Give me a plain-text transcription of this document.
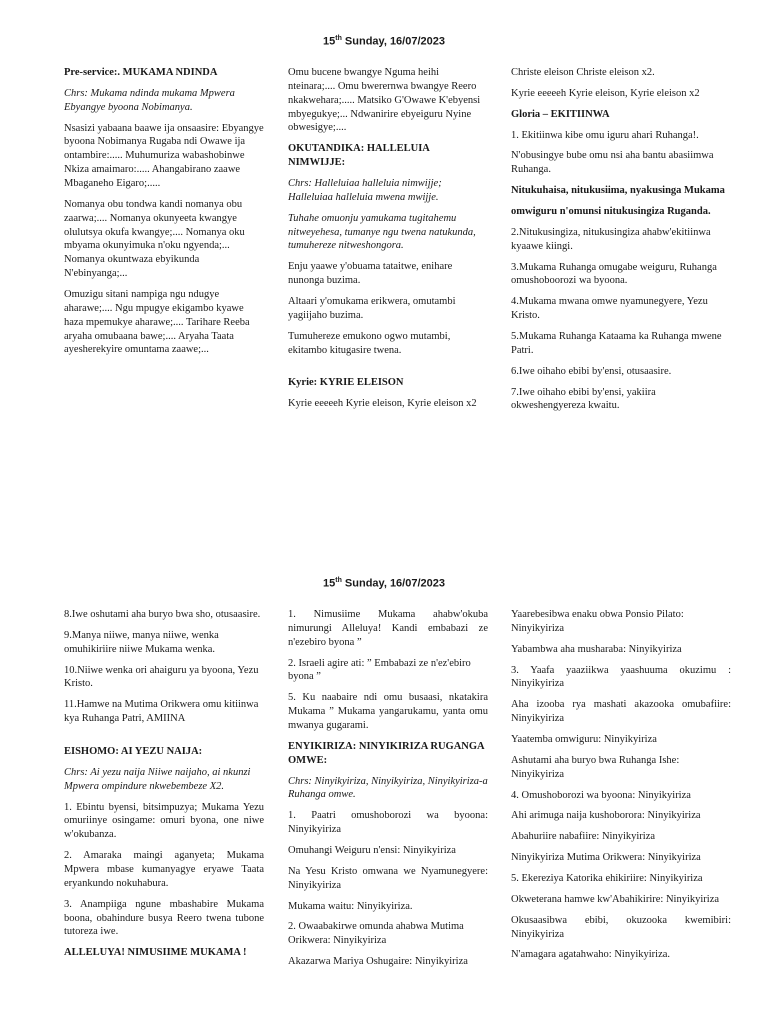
15th Sunday, 16/07/2023

Pre-service:. MUKAMA NDINDA

Chrs: Mukama ndinda mukama Mpwera Ebyangye byoona Nobimanya.

Nsasizi yabaana baawe ija onsaasire: Ebyangye byoona Nobimanya Rugaba ndi Owawe ija ontambire:..... Muhumuriza wabashobinwe Nkiza amaimaro:..... Ahangabirano zaawe Mbaganeho Eigaro;.....

Nomanya obu tondwa kandi nomanya obu zaarwa;.... Nomanya okunyeeta kwangye olulutsya okufa kwangye;.... Nomanya oku mbyama okunyimuka n'oku ngyenda;... Nomanya okuntwaza ebyikunda N'ebinyanga;...

Omuzigu sitani nampiga ngu ndugye aharawe;.... Ngu mpugye ekigambo kyawe haza mpemukye aharawe;.... Tarihare Reeba aryaha omubaana bawe;.... Aryaha Taata ayesherekyire omuntama zaawe;...

Omu bucene bwangye Nguma heihi nteinara;.... Omu bwerernwa bwangye Reero nkakwehara;..... Matsiko G'Owawe K'ebyensi mbyegukye;... Ndwanirire ebyeiguru Nyine obwesigye;....

OKUTANDIKA: HALLELUIA NIMWIJJE:

Chrs: Halleluiaa halleluia nimwijje; Halleluiaa halleluia mwena mwijje.

Tuhahe omuonju yamukama tugitahemu nitweyehesa, tumanye ngu twena natukunda, tumuhereze nitweshongora.

Enju yaawe y'obuama tataitwe, enihare nunonga buzima.

Altaari y'omukama erikwera, omutambi yagiijaho buzima.

Tumuhereze emukono ogwo mutambi, ekitambo kitugasire twena.

Kyrie: KYRIE ELEISON

Kyrie eeeeeh Kyrie eleison, Kyrie eleison x2

Christe eleison Christe eleison x2.

Kyrie eeeeeh Kyrie eleison, Kyrie eleison x2

Gloria – EKITIINWA

1. Ekitiinwa kibe omu iguru ahari Ruhanga!.

N'obusingye bube omu nsi aha bantu abasiimwa Ruhanga.

Nitukuhaisa, nitukusiima, nyakusinga Mukama

omwiguru n'omunsi nitukusingiza Ruganda.

2.Nitukusingiza, nitukusingiza ahabw'ekitiinwa kyaawe kiingi.

3.Mukama Ruhanga omugabe weiguru, Ruhanga omushoboorozi wa byoona.

4.Mukama mwana omwe nyamunegyere, Yezu Kristo.

5.Mukama Ruhanga Kataama ka Ruhanga mwene Patri.

6.Iwe oihaho ebibi by'ensi, otusaasire.

7.Iwe oihaho ebibi by'ensi, yakiira okweshengyereza kwaitu.

15th Sunday, 16/07/2023

8.Iwe oshutami aha buryo bwa sho, otusaasire.

9.Manya niiwe, manya niiwe, wenka omuhikiriire niiwe Mukama wenka.

10.Niiwe wenka ori ahaiguru ya byoona, Yezu Kristo.

11.Hamwe na Mutima Orikwera omu kitiinwa kya Ruhanga Patri, AMIINA

EISHOMO: AI YEZU NAIJA:

Chrs: Ai yezu naija Niiwe naijaho, ai nkunzi Mpwera ompindure nkwebembeze X2.

1. Ebintu byensi, bitsimpuzya; Mukama Yezu omuriinye osingame: omuri byona, one niwe w'okubanza.

2. Amaraka maingi aganyeta; Mukama Mpwera mbase kumanyagye eryawe Taata eryankundo nokuhabura.

3. Anampiiga ngune mbashabire Mukama boona, obahindure busya Reero twena tubone tutoreza iwe.

ALLELUYA! NIMUSIIME MUKAMA !

1. Nimusiime Mukama ahabw'okuba nimurungi Alleluya! Kandi embabazi ze n'ezebiro byona ”

2. Israeli agire ati: ” Embabazi ze n'ez'ebiro byona ”

5. Ku naabaire ndi omu busaasi, nkatakira Mukama ” Mukama yangarukamu, yanta omu mwanya gugarami.

ENYIKIRIZA: NINYIKIRIZA RUGANGA OMWE:

Chrs: Ninyikyiriza, Ninyikyiriza, Ninyikyiriza-a Ruhanga omwe.

1. Paatri omushoborozi wa byoona: Ninyikyiriza

Omuhangi Weiguru n'ensi: Ninyikyiriza

Na Yesu Kristo omwana we Nyamunegyere: Ninyikyiriza

Mukama waitu: Ninyikyiriza.

2. Owaabakirwe omunda ahabwa Mutima Orikwera: Ninyikyiriza

Akazarwa Mariya Oshugaire: Ninyikyiriza

Yaarebesibwa enaku obwa Ponsio Pilato: Ninyikyiriza

Yabambwa aha musharaba: Ninyikyiriza

3. Yaafa yaaziikwa yaashuuma okuzimu : Ninyikyiriza

Aha izooba rya mashati akazooka omubafiire: Ninyikyiriza

Yaatemba omwiguru: Ninyikyiriza

Ashutami aha buryo bwa Ruhanga Ishe: Ninyikyiriza

4. Omushoborozi wa byoona: Ninyikyiriza

Ahi arimuga naija kushoborora: Ninyikyiriza

Abahuriire nabafiire: Ninyikyiriza

Ninyikyiriza Mutima Orikwera: Ninyikyiriza

5. Ekereziya Katorika ehikiriire: Ninyikyiriza

Okweterana hamwe kw'Abahikirire: Ninyikyiriza

Okusaasibwa ebibi, okuzooka kwemibiri: Ninyikyiriza

N'amagara agatahwaho: Ninyikyiriza.
